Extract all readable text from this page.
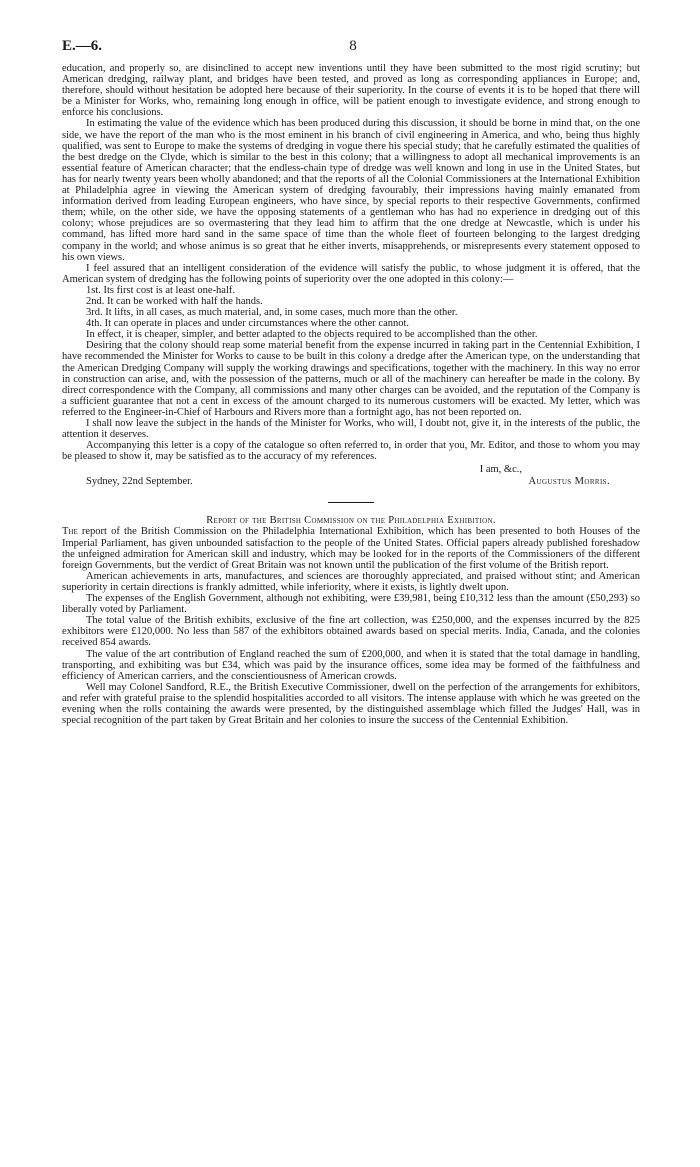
E.—6.	8

education, and properly so, are disinclined to accept new inventions until they have been submitted to the most rigid scrutiny; but American dredging, railway plant, and bridges have been tested, and proved as long as corresponding appliances in Europe; and, therefore, should without hesitation be adopted here because of their superiority. In the course of events it is to be hoped that there will be a Minister for Works, who, remaining long enough in office, will be patient enough to investigate evidence, and strong enough to enforce his conclusions.

In estimating the value of the evidence which has been produced during this discussion, it should be borne in mind that, on the one side, we have the report of the man who is the most eminent in his branch of civil engineering in America, and who, being thus highly qualified, was sent to Europe to make the systems of dredging in vogue there his special study; that he carefully estimated the qualities of the best dredge on the Clyde, which is similar to the best in this colony; that a willingness to adopt all mechanical improvements is an essential feature of American character; that the endless-chain type of dredge was well known and long in use in the United States, but has for nearly twenty years been wholly abandoned; and that the reports of all the Colonial Commissioners at the International Exhibition at Philadelphia agree in viewing the American system of dredging favourably, their impressions having mainly emanated from information derived from leading European engineers, who have since, by special reports to their respective Governments, confirmed them; while, on the other side, we have the opposing statements of a gentleman who has had no experience in dredging out of this colony; whose prejudices are so overmastering that they lead him to affirm that the one dredge at Newcastle, which is under his command, has lifted more hard sand in the same space of time than the whole fleet of fourteen belonging to the largest dredging company in the world; and whose animus is so great that he either inverts, misapprehends, or misrepresents every statement opposed to his own views.

I feel assured that an intelligent consideration of the evidence will satisfy the public, to whose judgment it is offered, that the American system of dredging has the following points of superiority over the one adopted in this colony:—

1st. Its first cost is at least one-half.

2nd. It can be worked with half the hands.

3rd. It lifts, in all cases, as much material, and, in some cases, much more than the other.

4th. It can operate in places and under circumstances where the other cannot.

In effect, it is cheaper, simpler, and better adapted to the objects required to be accomplished than the other.

Desiring that the colony should reap some material benefit from the expense incurred in taking part in the Centennial Exhibition, I have recommended the Minister for Works to cause to be built in this colony a dredge after the American type, on the understanding that the American Dredging Company will supply the working drawings and specifications, together with the machinery. In this way no error in construction can arise, and, with the possession of the patterns, much or all of the machinery can hereafter be made in the colony. By direct correspondence with the Company, all commissions and many other charges can be avoided, and the reputation of the Company is a sufficient guarantee that not a cent in excess of the amount charged to its numerous customers will be exacted. My letter, which was referred to the Engineer-in-Chief of Harbours and Rivers more than a fortnight ago, has not been reported on.

I shall now leave the subject in the hands of the Minister for Works, who will, I doubt not, give it, in the interests of the public, the attention it deserves.

Accompanying this letter is a copy of the catalogue so often referred to, in order that you, Mr. Editor, and those to whom you may be pleased to show it, may be satisfied as to the accuracy of my references.

I am, &c.,
Sydney, 22nd September.	Augustus Morris.

Report of the British Commission on the Philadelphia Exhibition.

The report of the British Commission on the Philadelphia International Exhibition, which has been presented to both Houses of the Imperial Parliament, has given unbounded satisfaction to the people of the United States. Official papers already published foreshadow the unfeigned admiration for American skill and industry, which may be looked for in the reports of the Commissioners of the different foreign Governments, but the verdict of Great Britain was not known until the publication of the first volume of the British report.

American achievements in arts, manufactures, and sciences are thoroughly appreciated, and praised without stint; and American superiority in certain directions is frankly admitted, while inferiority, where it exists, is lightly dwelt upon.

The expenses of the English Government, although not exhibiting, were £39,981, being £10,312 less than the amount (£50,293) so liberally voted by Parliament.

The total value of the British exhibits, exclusive of the fine art collection, was £250,000, and the expenses incurred by the 825 exhibitors were £120,000. No less than 587 of the exhibitors obtained awards based on special merits. India, Canada, and the colonies received 854 awards.

The value of the art contribution of England reached the sum of £200,000, and when it is stated that the total damage in handling, transporting, and exhibiting was but £34, which was paid by the insurance offices, some idea may be formed of the faithfulness and efficiency of American carriers, and the conscientiousness of American crowds.

Well may Colonel Sandford, R.E., the British Executive Commissioner, dwell on the perfection of the arrangements for exhibitors, and refer with grateful praise to the splendid hospitalities accorded to all visitors. The intense applause with which he was greeted on the evening when the rolls containing the awards were presented, by the distinguished assemblage which filled the Judges' Hall, was in special recognition of the part taken by Great Britain and her colonies to insure the success of the Centennial Exhibition.
